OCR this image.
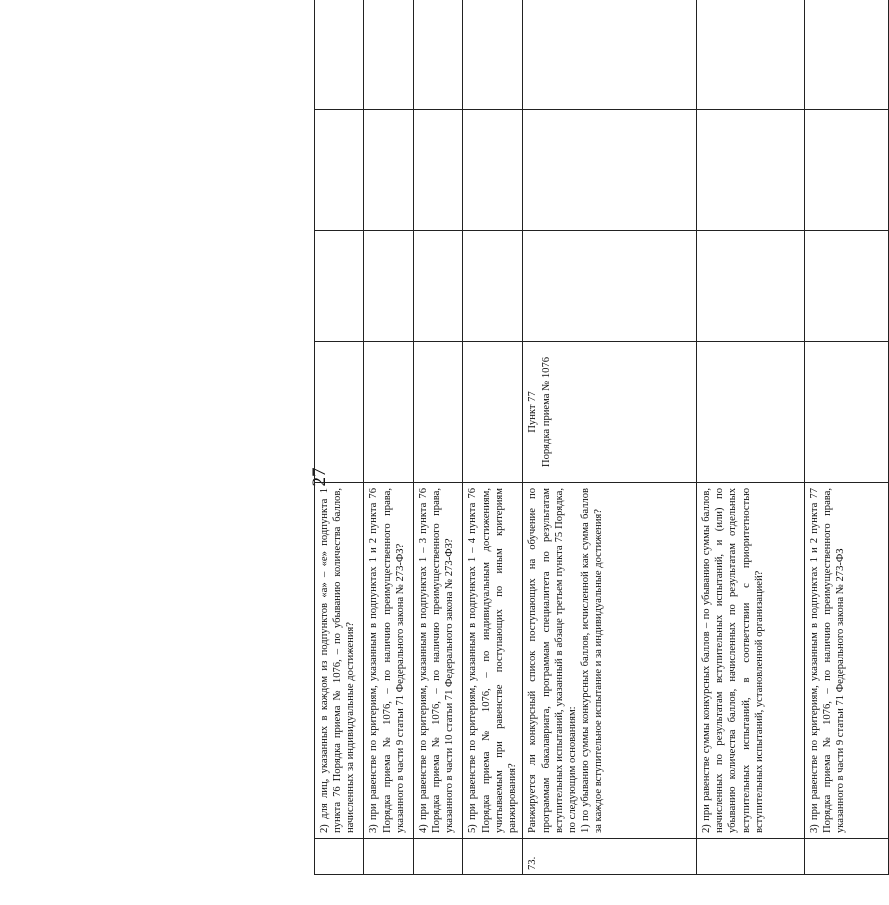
27
	2) для лиц, указанных в каждом из подпунктов «а» – «е» подпункта 1 пункта 76 Порядка приема № 1076, – по убыванию количества баллов, начисленных за индивидуальные достижения?				
	3) при равенстве по критериям, указанным в подпунктах 1 и 2 пункта 76 Порядка приема № 1076, – по наличию преимущественного права, указанного в части 9 статьи 71 Федерального закона № 273-ФЗ?				
	4) при равенстве по критериям, указанным в подпунктах 1 – 3 пункта 76 Порядка приема № 1076, – по наличию преимущественного права, указанного в части 10 статьи 71 Федерального закона № 273-ФЗ?				
	5) при равенстве по критериям, указанным в подпунктах 1 – 4 пункта 76 Порядка приема № 1076, – по индивидуальным достижениям, учитываемым при равенстве поступающих по иным критериям ранжирования?				
73.	Ранжируется ли конкурсный список поступающих на обучение по программам бакалавриата, программам специалитета по результатам вступительных испытаний, указанный в абзаце третьем пункта 75 Порядка, по следующим основаниям:
1) по убыванию суммы конкурсных баллов, исчисленной как сумма баллов за каждое вступительное испытание и за индивидуальные достижения?	Пункт 77
Порядка приема № 1076			
	2) при равенстве суммы конкурсных баллов – по убыванию суммы баллов, начисленных по результатам вступительных испытаний, и (или) по убыванию количества баллов, начисленных по результатам отдельных вступительных испытаний, в соответствии с приоритетностью вступительных испытаний, установленной организацией?				
	3) при равенстве по критериям, указанным в подпунктах 1 и 2 пункта 77 Порядка приема № 1076, – по наличию преимущественного права, указанного в части 9 статьи 71 Федерального закона № 273-ФЗ				
